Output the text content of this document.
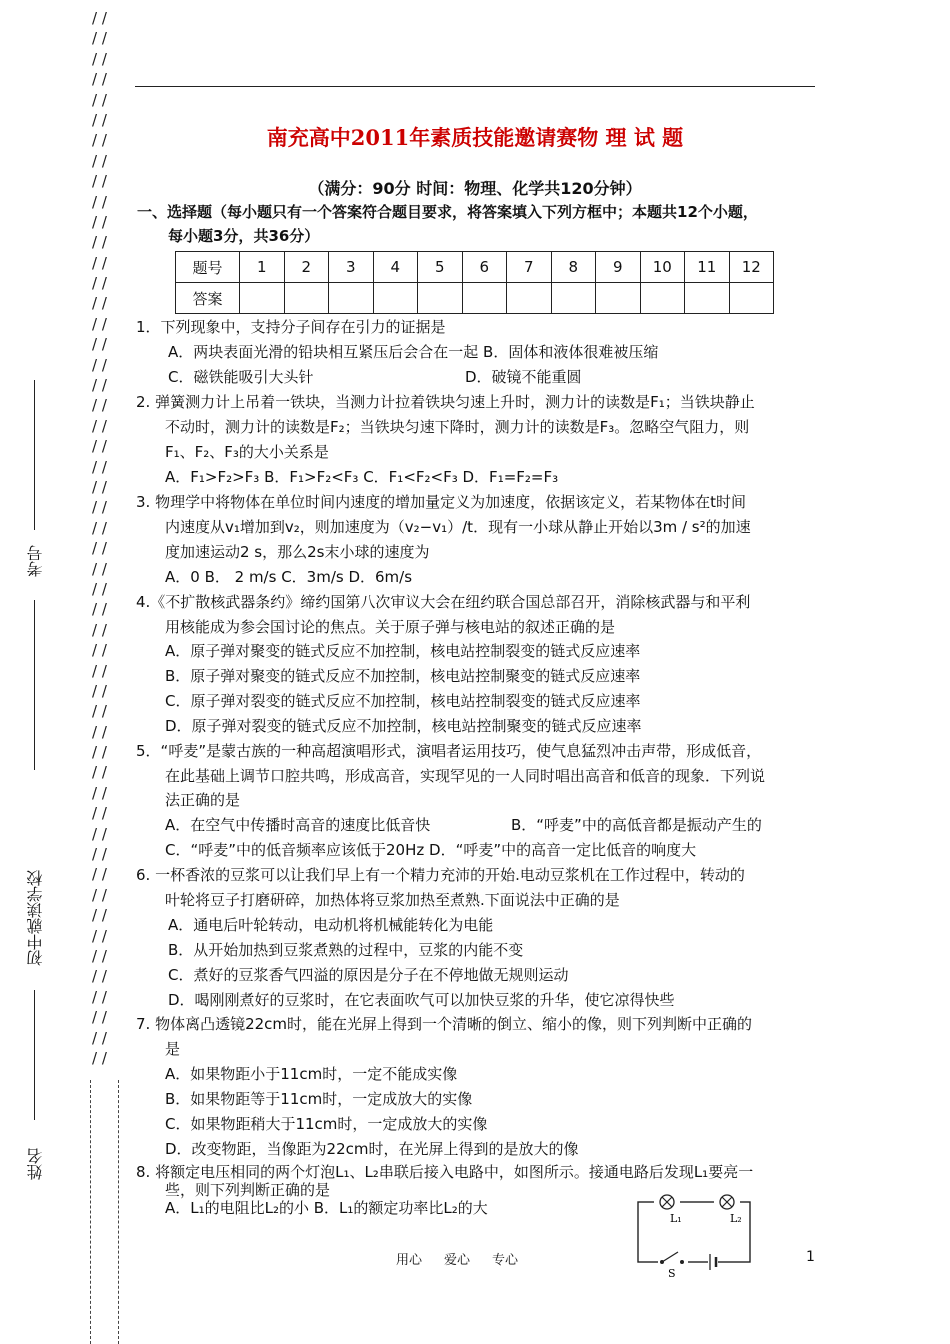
/ /
/ /
/ /
/ /
/ /
/ /
/ /
/ /
/ /
/ /
/ /
/ /
/ /
/ /
/ /
/ /
/ /
/ /
/ /
/ /
/ /
/ /
/ /
/ /
/ /
/ /
/ /
/ /
/ /
/ /
/ /
/ /
/ /
/ /
/ /
/ /
/ /
/ /
/ /
/ /
/ /
/ /
/ /
/ /
/ /
/ /
/ /
/ /
/ /
/ /
/ /
/ /
考号
初中就读学校
姓名
南充高中2011年素质技能邀请赛物 理 试 题
（满分：90分 时间：物理、化学共120分钟）
一、选择题（每小题只有一个答案符合题目要求，将答案填入下列方框中；本题共12个小题，
每小题3分，共36分）
题号	1	2	3	4	5	6	7	8	9	10	11	12
答案												
1．下列现象中，支持分子间存在引力的证据是
A．两块表面光滑的铅块相互紧压后会合在一起 B．固体和液体很难被压缩
C．磁铁能吸引大头针	D．破镜不能重圆
2. 弹簧测力计上吊着一铁块，当测力计拉着铁块匀速上升时，测力计的读数是F₁；当铁块静止
不动时，测力计的读数是F₂；当铁块匀速下降时，测力计的读数是F₃。忽略空气阻力，则
F₁、F₂、F₃的大小关系是
A．F₁>F₂>F₃ B．F₁>F₂<F₃ C．F₁<F₂<F₃ D．F₁=F₂=F₃
3. 物理学中将物体在单位时间内速度的增加量定义为加速度，依据该定义，若某物体在t时间
内速度从v₁增加到v₂，则加速度为（v₂−v₁）/t．现有一小球从静止开始以3m / s²的加速
度加速运动2 s，那么2s末小球的速度为
A．0 B． 2 m/s C．3m/s D．6m/s
4.《不扩散核武器条约》缔约国第八次审议大会在纽约联合国总部召开，消除核武器与和平利
用核能成为参会国讨论的焦点。关于原子弹与核电站的叙述正确的是
A．原子弹对聚变的链式反应不加控制，核电站控制裂变的链式反应速率
B．原子弹对聚变的链式反应不加控制，核电站控制聚变的链式反应速率
C．原子弹对裂变的链式反应不加控制，核电站控制裂变的链式反应速率
D．原子弹对裂变的链式反应不加控制，核电站控制聚变的链式反应速率
5．“呼麦”是蒙古族的一种高超演唱形式，演唱者运用技巧，使气息猛烈冲击声带，形成低音，
在此基础上调节口腔共鸣，形成高音，实现罕见的一人同时唱出高音和低音的现象．下列说
法正确的是
A．在空气中传播时高音的速度比低音快	B．“呼麦”中的高低音都是振动产生的
C．“呼麦”中的低音频率应该低于20Hz D．“呼麦”中的高音一定比低音的响度大
6. 一杯香浓的豆浆可以让我们早上有一个精力充沛的开始.电动豆浆机在工作过程中，转动的
叶轮将豆子打磨研碎，加热体将豆浆加热至煮熟.下面说法中正确的是
A．通电后叶轮转动，电动机将机械能转化为电能
B．从开始加热到豆浆煮熟的过程中，豆浆的内能不变
C．煮好的豆浆香气四溢的原因是分子在不停地做无规则运动
D．喝刚刚煮好的豆浆时，在它表面吹气可以加快豆浆的升华，使它凉得快些
7. 物体离凸透镜22cm时，能在光屏上得到一个清晰的倒立、缩小的像，则下列判断中正确的
是
A．如果物距小于11cm时，一定不能成实像
B．如果物距等于11cm时，一定成放大的实像
C．如果物距稍大于11cm时，一定成放大的实像
D．改变物距，当像距为22cm时，在光屏上得到的是放大的像
8. 将额定电压相同的两个灯泡L₁、L₂串联后接入电路中，如图所示。接通电路后发现L₁要亮一
些，则下列判断正确的是
A．L₁的电阻比L₂的小 B．L₁的额定功率比L₂的大
L₁	L₂
S
用心 爱心 专心	1
